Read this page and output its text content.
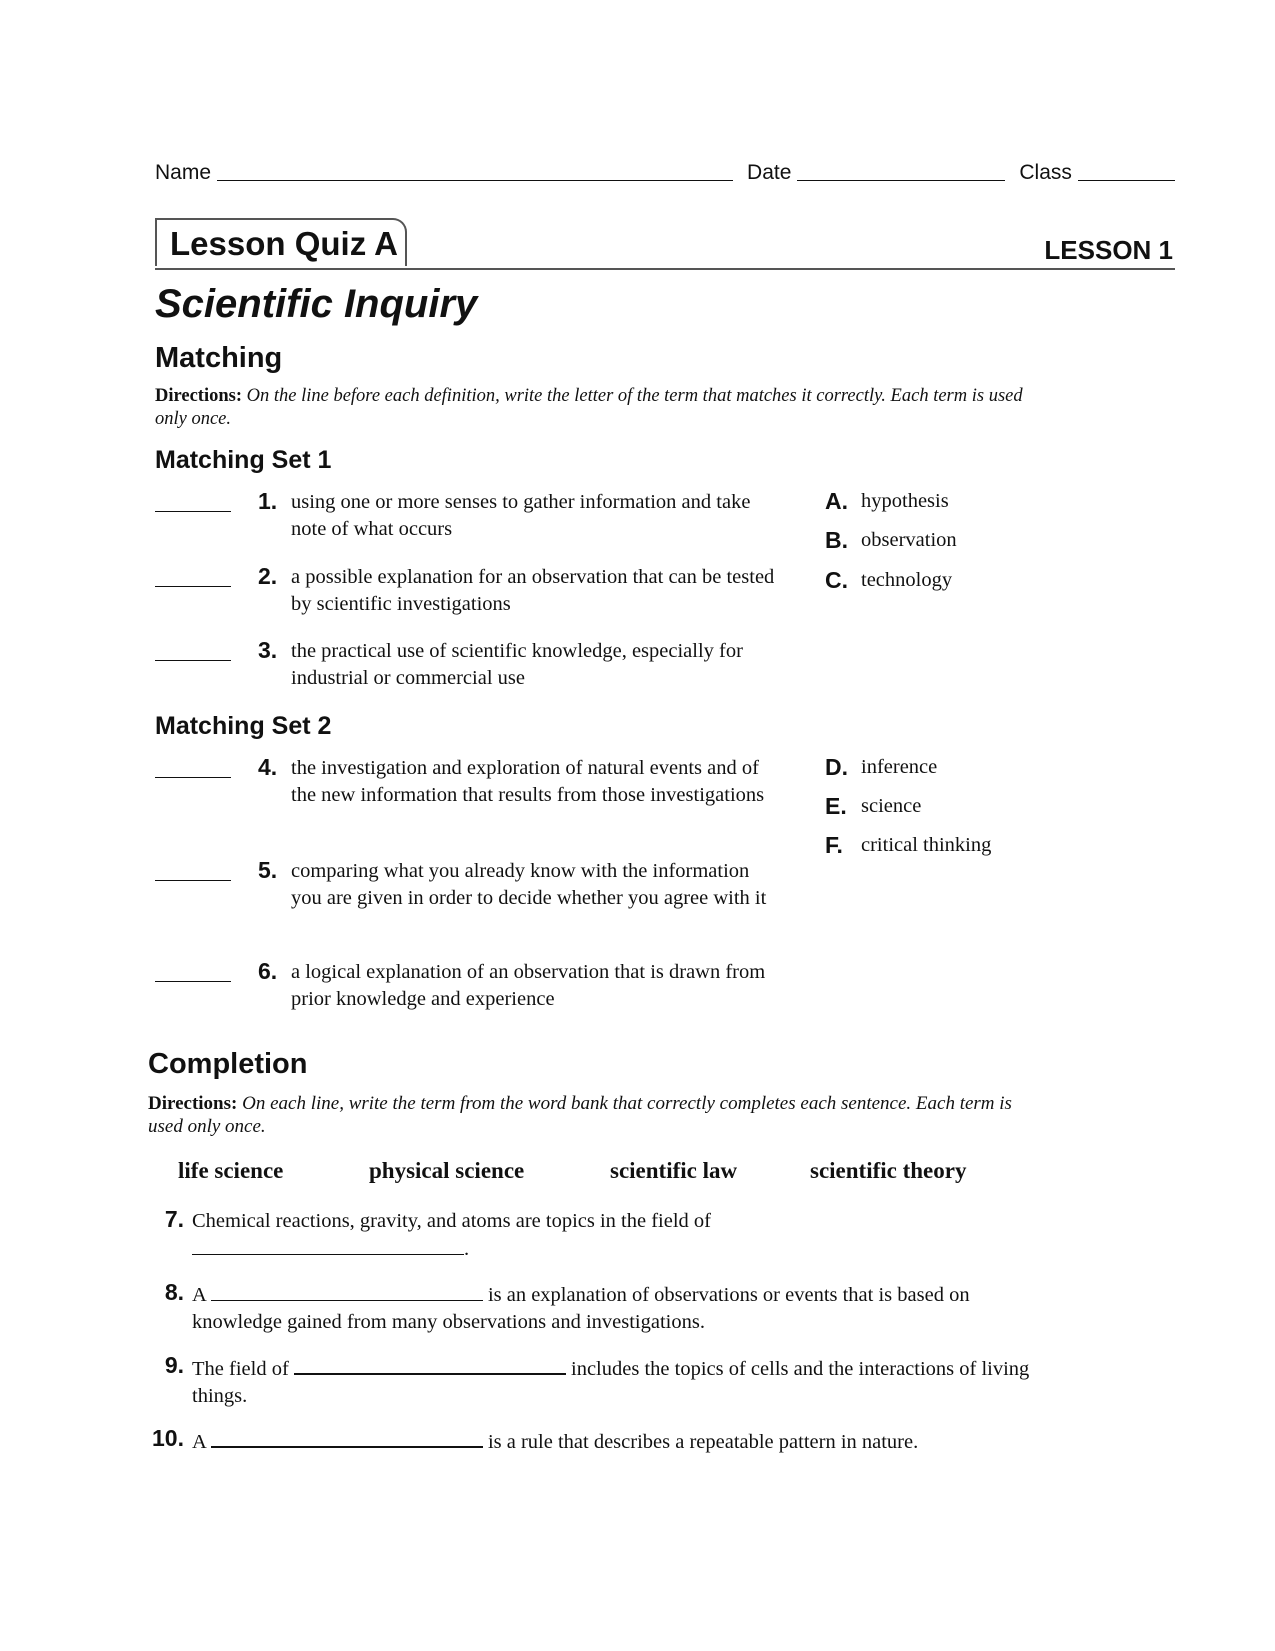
Name	Date	Class
Lesson Quiz A	LESSON 1
Scientific Inquiry
Matching
Directions: On the line before each definition, write the letter of the term that matches it correctly. Each term is used only once.
Matching Set 1
1. using one or more senses to gather information and take note of what occurs
2. a possible explanation for an observation that can be tested by scientific investigations
3. the practical use of scientific knowledge, especially for industrial or commercial use
A. hypothesis
B. observation
C. technology
Matching Set 2
4. the investigation and exploration of natural events and of the new information that results from those investigations
5. comparing what you already know with the information you are given in order to decide whether you agree with it
6. a logical explanation of an observation that is drawn from prior knowledge and experience
D. inference
E. science
F. critical thinking
Completion
Directions: On each line, write the term from the word bank that correctly completes each sentence. Each term is used only once.
life science	physical science	scientific law	scientific theory
7. Chemical reactions, gravity, and atoms are topics in the field of .
8. A	is an explanation of observations or events that is based on knowledge gained from many observations and investigations.
9. The field of	includes the topics of cells and the interactions of living things.
10. A	is a rule that describes a repeatable pattern in nature.
